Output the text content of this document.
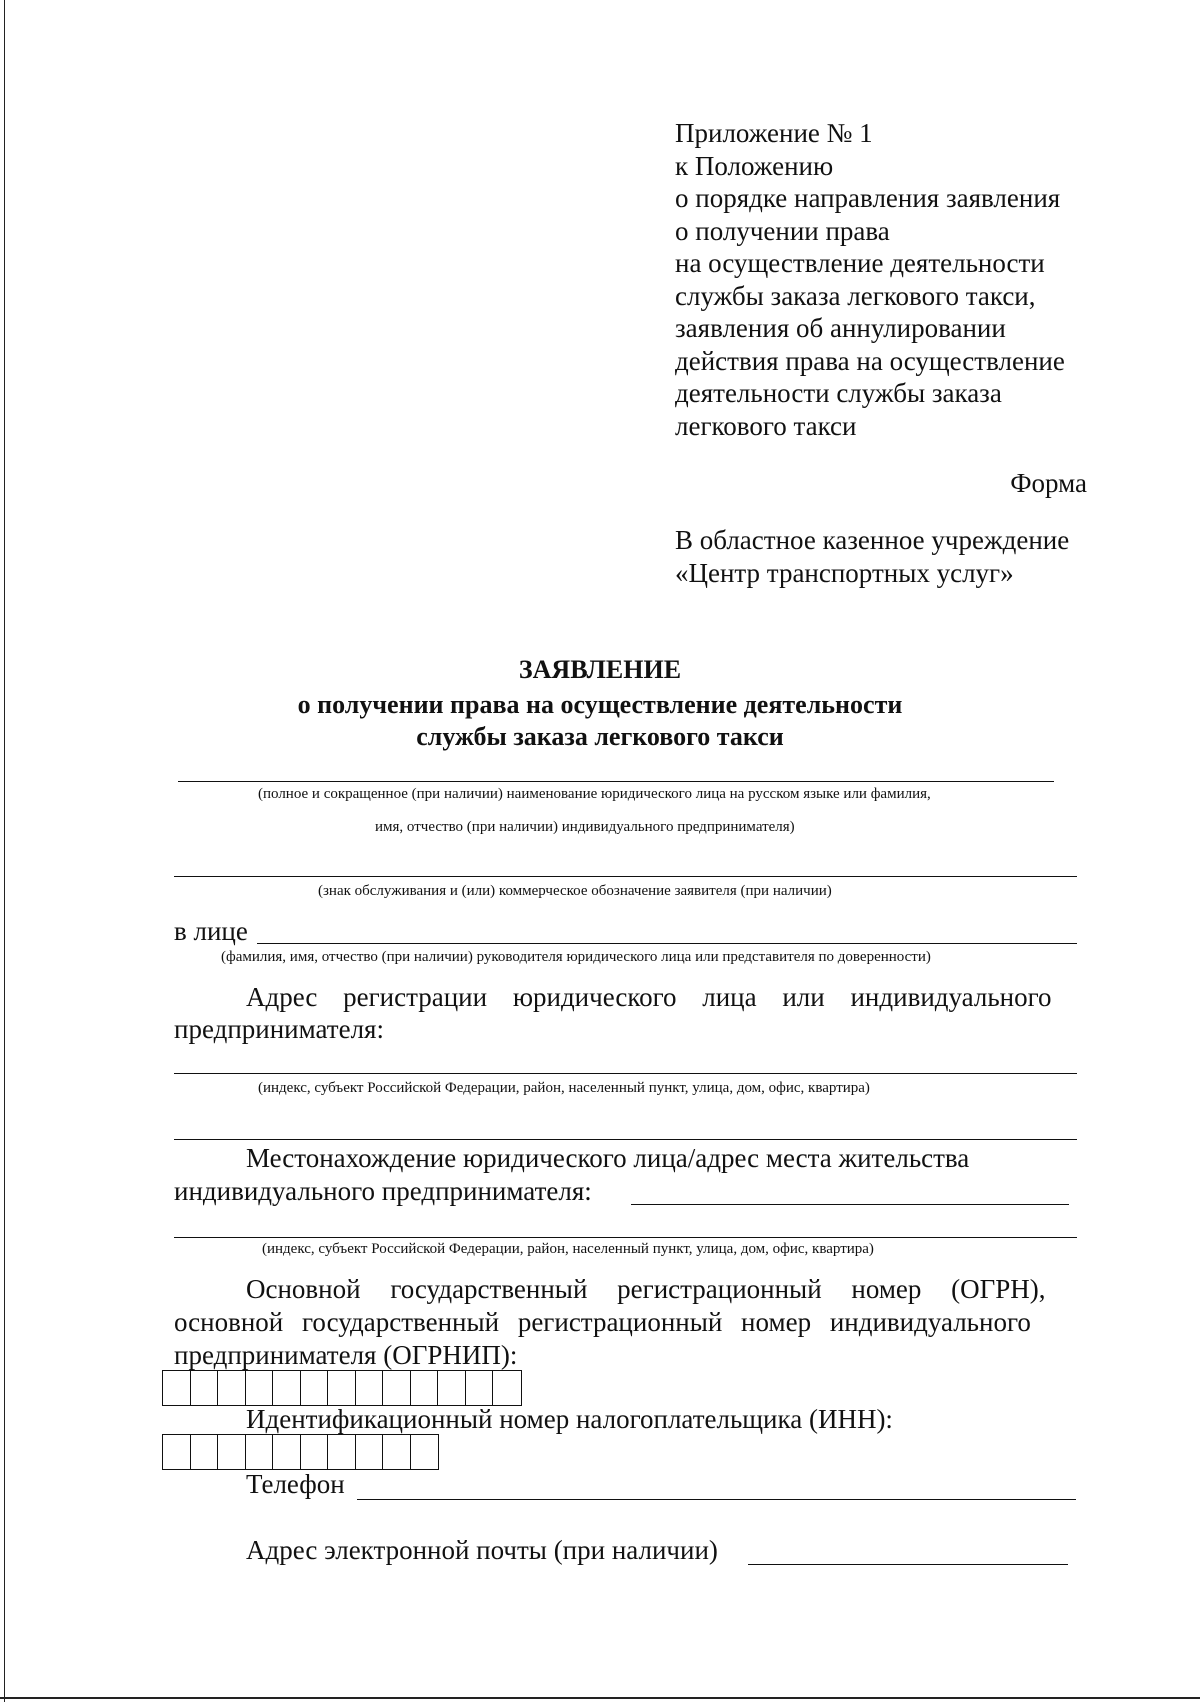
Приложение № 1
к Положению
о порядке направления заявления
о получении права
на осуществление деятельности
службы заказа легкового такси,
заявления об аннулировании
действия права на осуществление
деятельности службы заказа
легкового такси
Форма
В областное казенное учреждение
«Центр транспортных услуг»
ЗАЯВЛЕНИЕ
о получении права на осуществление деятельности
службы заказа легкового такси
(полное и сокращенное (при наличии) наименование юридического лица на русском языке или фамилия,
имя, отчество (при наличии) индивидуального предпринимателя)
(знак обслуживания и (или) коммерческое обозначение заявителя (при наличии)
в лице
(фамилия, имя, отчество (при наличии) руководителя юридического лица или представителя по доверенности)
Адрес регистрации юридического лица или индивидуального
предпринимателя:
(индекс, субъект Российской Федерации, район, населенный пункт, улица, дом, офис, квартира)
Местонахождение юридического лица/адрес места жительства
индивидуального предпринимателя:
(индекс, субъект Российской Федерации, район, населенный пункт, улица, дом, офис, квартира)
Основной государственный регистрационный номер (ОГРН),
основной государственный регистрационный номер индивидуального
предпринимателя (ОГРНИП):
Идентификационный номер налогоплательщика (ИНН):
Телефон
Адрес электронной почты (при наличии)
